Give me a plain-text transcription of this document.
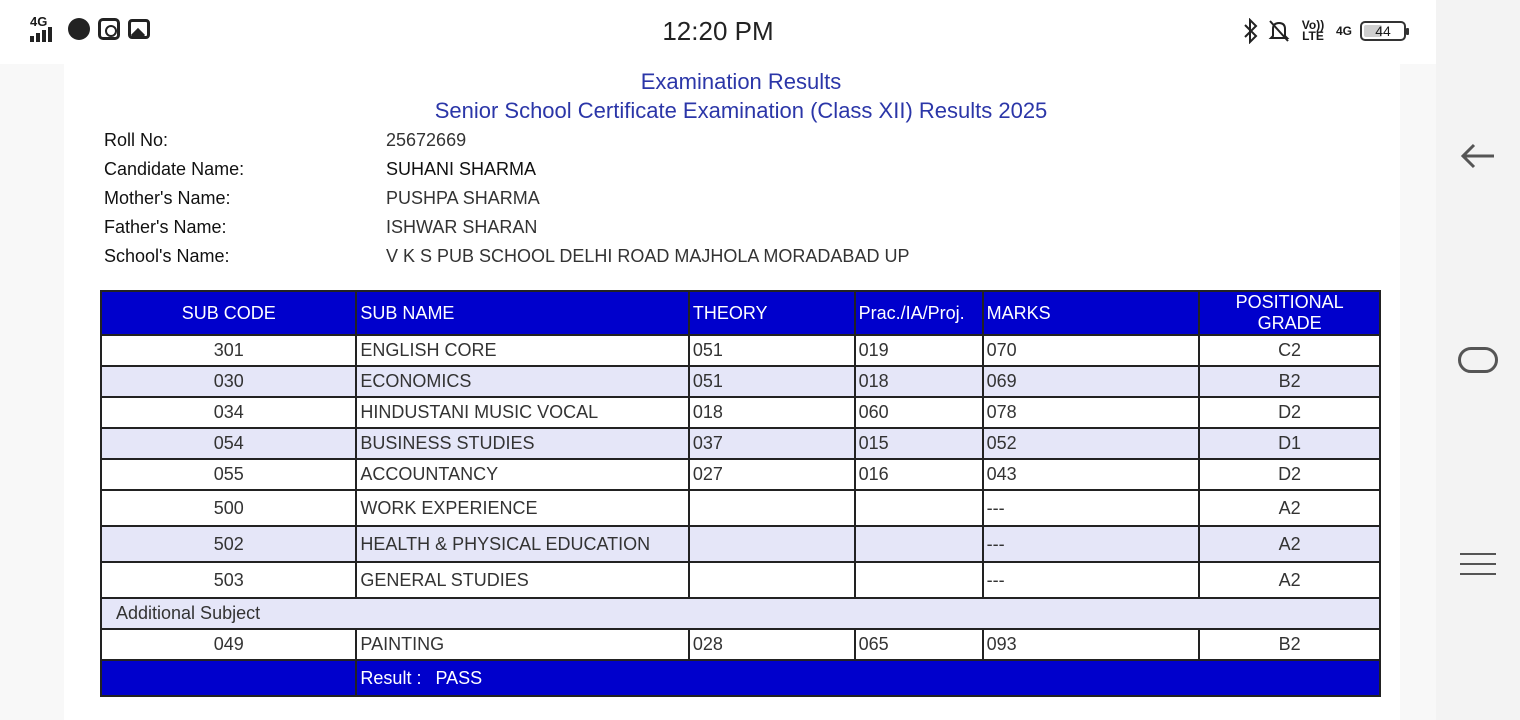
4G	12:20 PM	Vo)) LTE	4G 44
Examination Results
Senior School Certificate Examination (Class XII) Results 2025
Roll No:	25672669
Candidate Name:	SUHANI SHARMA
Mother's Name:	PUSHPA SHARMA
Father's Name:	ISHWAR SHARAN
School's Name:	V K S PUB SCHOOL DELHI ROAD MAJHOLA MORADABAD UP
SUB CODE	SUB NAME	THEORY	Prac./IA/Proj.	MARKS	POSITIONAL GRADE
301	ENGLISH CORE	051	019	070	C2
030	ECONOMICS	051	018	069	B2
034	HINDUSTANI MUSIC VOCAL	018	060	078	D2
054	BUSINESS STUDIES	037	015	052	D1
055	ACCOUNTANCY	027	016	043	D2
500	WORK EXPERIENCE			---	A2
502	HEALTH & PHYSICAL EDUCATION			---	A2
503	GENERAL STUDIES			---	A2
Additional Subject					
049	PAINTING	028	065	093	B2
	Result : PASS				
